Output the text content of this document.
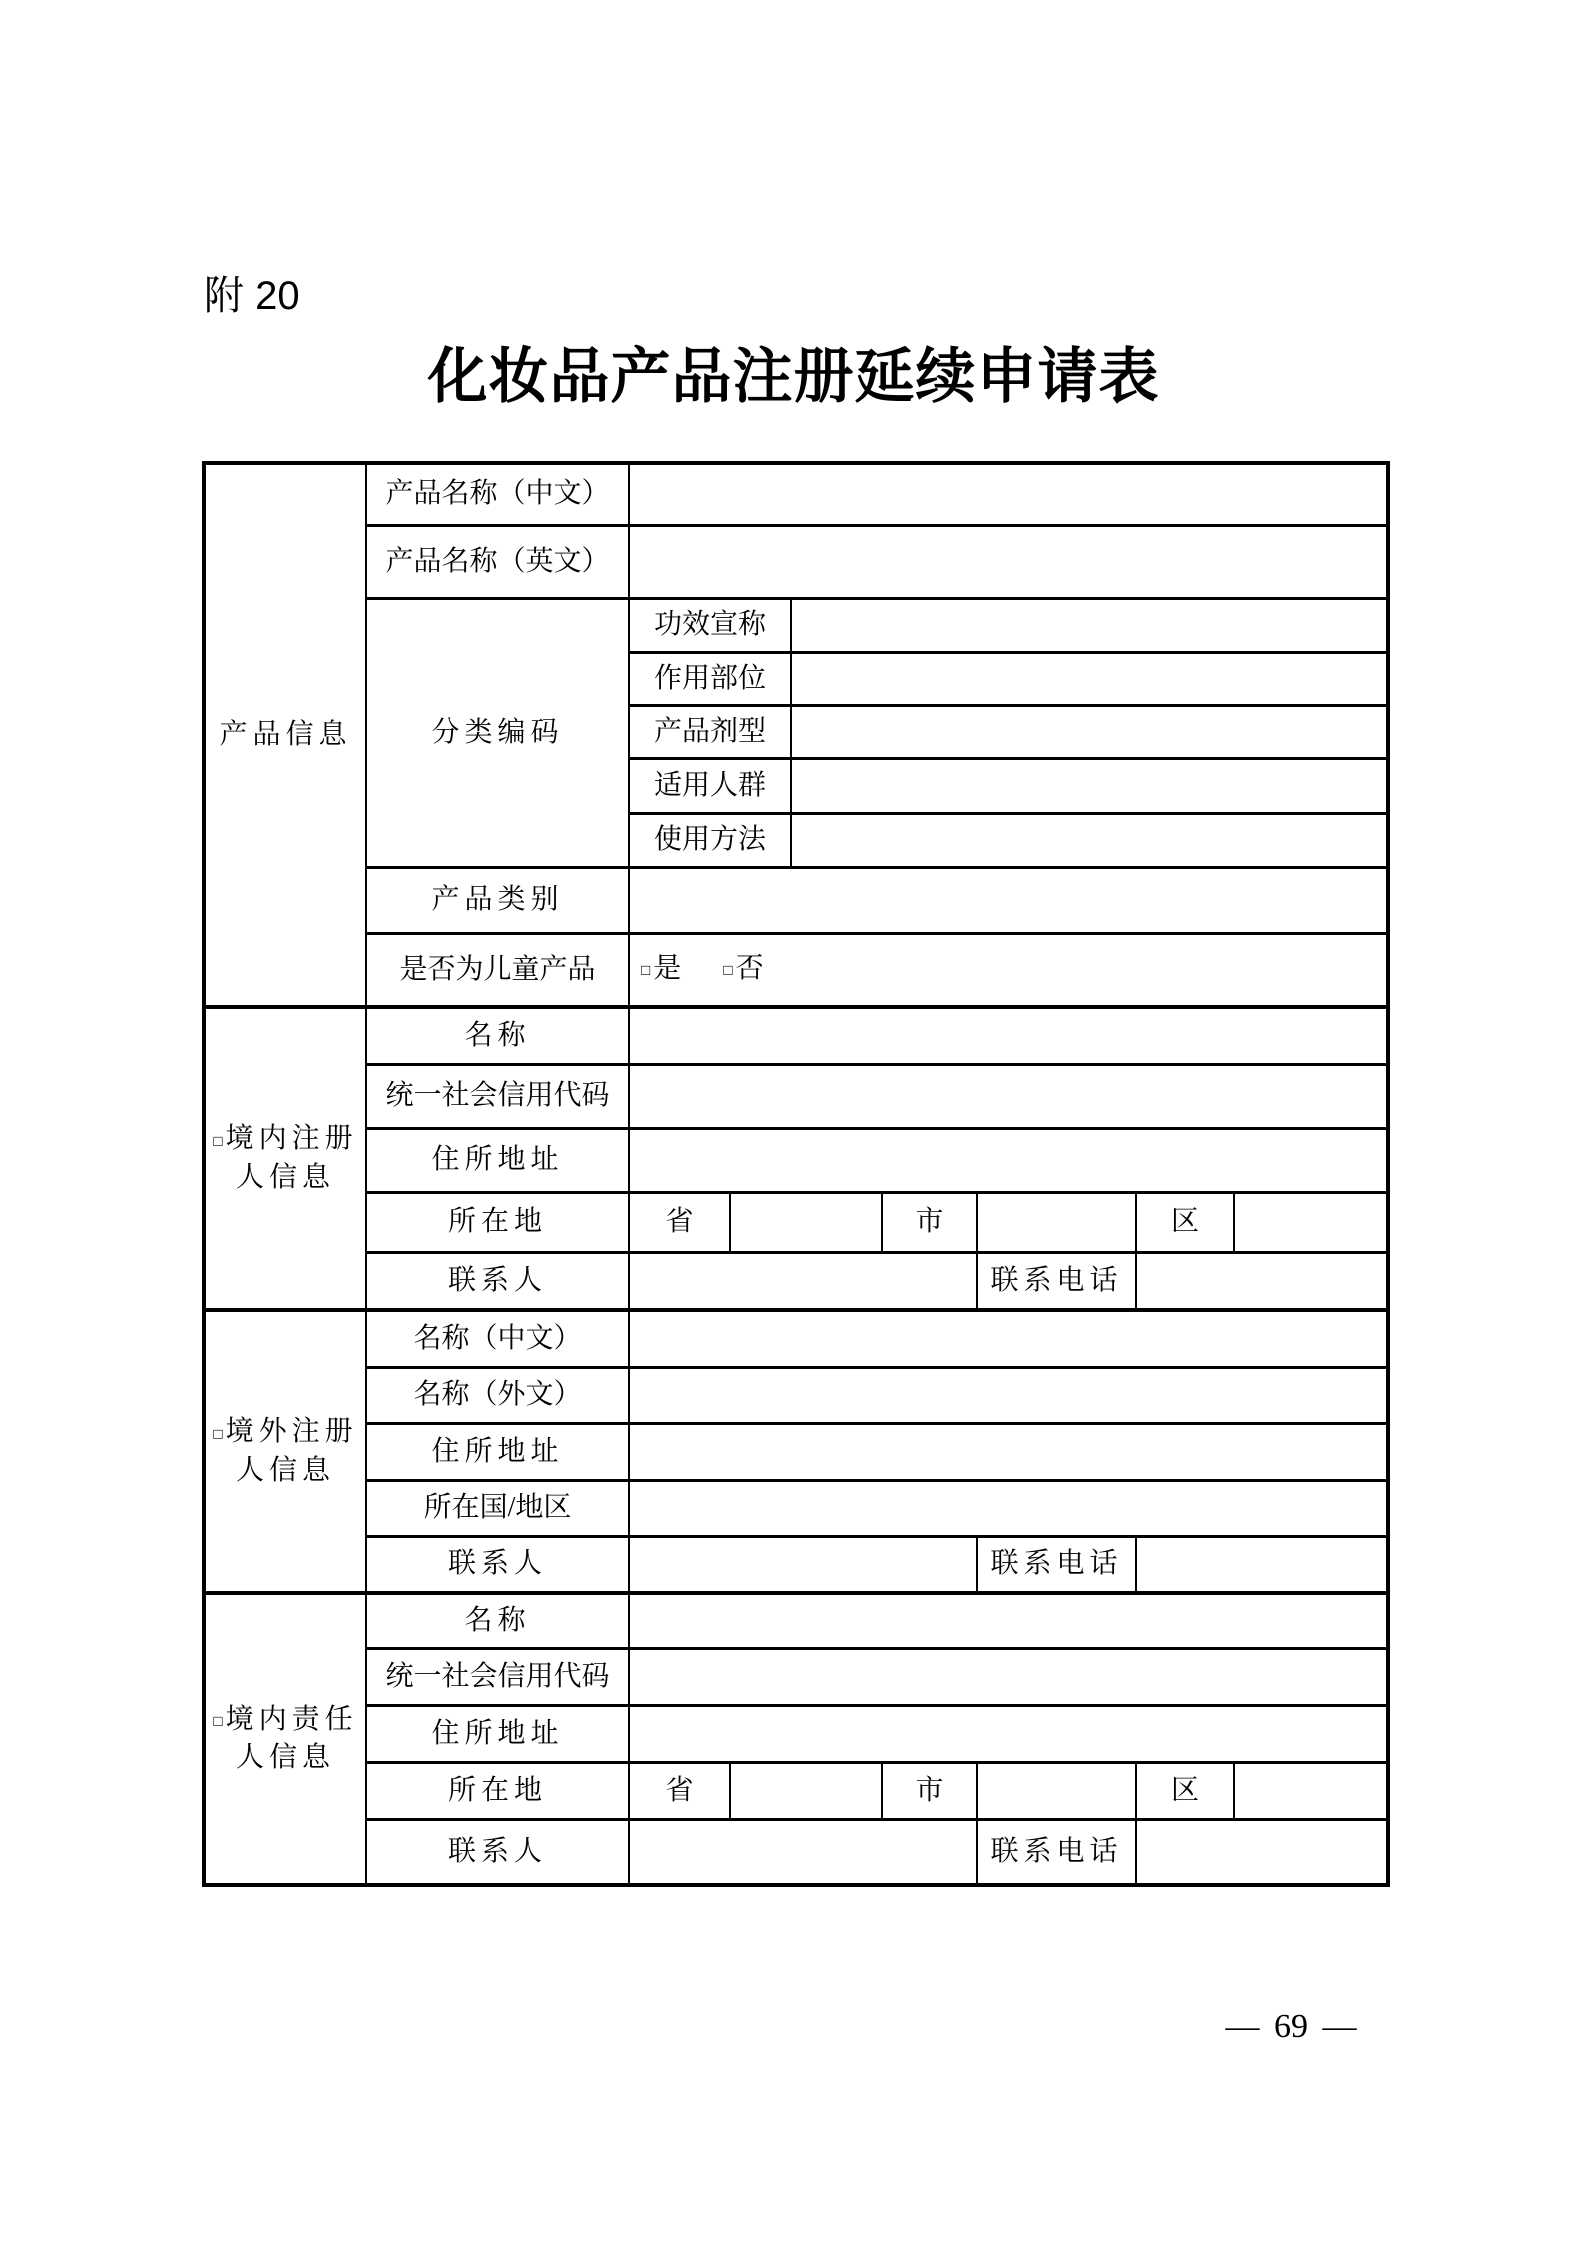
附 20
化妆品产品注册延续申请表
产品信息	产品名称（中文）							
	产品名称（英文）							
	分类编码	功效宣称						
		作用部位						
		产品剂型						
		适用人群						
		使用方法						
	产品类别							
	是否为儿童产品	□ 是 □ 否						
□ 境内注册人信息	名称							
	统一社会信用代码							
	住所地址							
	所在地	省			市		区	
	联系人					联系电话		
□ 境外注册人信息	名称（中文）							
	名称（外文）							
	住所地址							
	所在国/地区							
	联系人					联系电话		
□ 境内责任人信息	名称							
	统一社会信用代码							
	住所地址							
	所在地	省			市		区	
	联系人					联系电话		
— 69 —
